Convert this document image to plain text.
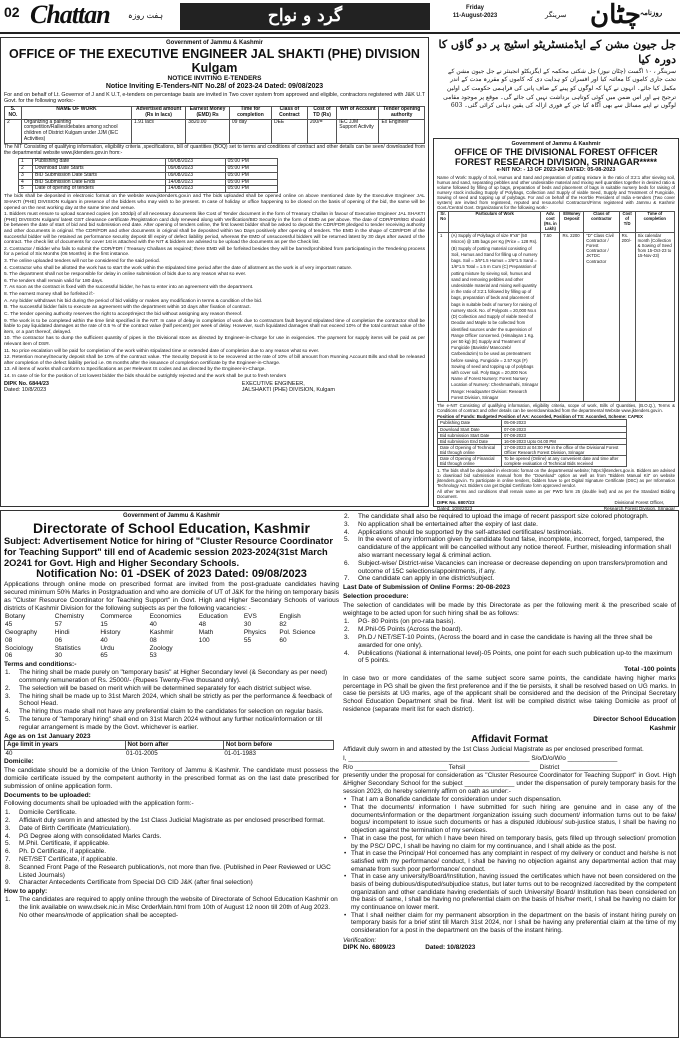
02 Chattan ہفت روزہ	گرد و نواح	Friday
11-August-2023	سرینگر چٹان روزنامہ
Government of Jammu & Kashmir
OFFICE OF THE EXECUTIVE ENGINEER JAL SHAKTI (PHE) DIVISION Kulgam
NOTICE INVITING E-TENDERS
Notice Inviting E-Tenders-NIT No.28/ of 2023-24 Dated: 09/08/2023

For and on behalf of Lt. Governor of J and K U.T, e-tenders on percentage basis are invited in Two cover system from approved and eligible, contractors registered with J&K U.T Govt. for the following works:-

S. NO.	NAME OF WORK	Advertised amount (Rs in lacs)	Earnest Money (EMD) Rs	Time for completion	Class of Contract	Cost of TD (Rs)	WH of Account	Tender opening authority
2	Organizing a painting competition/Rallies/debates among school children of District Kulgam under JJM (IEC Activities)	1.91 lacs	3820.00	09 day	DEE	200/=	IEC JJM Support Activity	Ex Engineer

The NIT Consisting of qualifying information, eligibility criteria ,specifications, bill of quantities (BOQ) set to terms and conditions of contract and other details can be seen/ downloaded from the departmental website www.jktenders.gov.in from:-

1	Publishing date	09/08/2023	05:00 PM
2	Download Date Starts	09/08/2023	05:00 PM
3	BID Submission Date Starts	09/08/2023	05:00 PM
4	BID Submission Date Ends	14/08/2023	05:00 PM
5	Date of opening of tenders	14/08/2023	05:00 PM

The bids shall be deposited in electronic format on the website www.jktenders.gov.in and The bids uploaded shall be opened online on above mentioned date by the Executive Engineer JAL SHAKTI (PHE) DIVISION Kulgam in presence of the bidders who may wish to be present. In case of holiday or office happening to be closed on the basis of opening of the bid, the same will be opened on the next working day at the same time and venue.

1. Bidders must ensure to upload scanned copies (on 100dpi) of all necessary documents like Cost of Tender document in the form of Treasury Challan in favour of Executive Engineer JAL SHAKTI (PHE) DIVISION Kulgam/ latest GST clearance certificate /Registration card duly renewed along with Verification/BID Security in the form of EMD as per above. The date of CDR/FDR/BG should be between the date of start of bid and bid submission end date. After opening of tenders online, the first lowest bidder shall be asked to deposit the CDR/FDR pledged to tender receiving authority and other documents in original. The CDR/FDR and other documents in original shall be deposited within two Days positively after opening of tenders. The EMD in the shape of CDR/FDR of the successful bidder will be retained as performance security deposit till expiry of defect liability period, whereas the EMD of unsuccessful bidders will be returned latest by 30 days after award of the contract. The check list of documents for cover 1st is attached with the NIT & bidders are advised to be upload the documents as per the Check list.

2. Contractor / Bidder who fails to submit the CDR/FDR / Treasury Challans as required; there EMD will be forfeited besides they will be barred/prohibited from participating in the Tendering process for a period of Six Months (06 Months) in the first instance.

3. The online uploaded tenders will not be considered for the said period.

4. Contractor who shall be allotted the work has to start the work within the stipulated time period after the date of allotment as the work is of very important nature.

5. The department shall not be responsible for delay in online submission of bids due to any reason what so ever.

6. The tenders shall remain valid for 180 days.

7. As soon as the contract is fixed with the successful bidder, he has to enter into an agreement with the department.

8. The earnest money shall be forfeited if:-

A. Any bidder withdraws his bid during the period of bid validity or makes any modification in terms & condition of the bid.

B. The successful bidder fails to execute an agreement with the department within 10 days after fixation of contract.

C. The tender opening authority reserves the right to accept/reject the bid without assigning any reason thereof.

9. The work is to be completed within the time limit specified in the NIT. In case of delay in completion of work due to contractors fault beyond stipulated time of completion the contractor shall be liable to pay liquidated damages at the rate of 0.5 % of the contract value (half percent) per week of delay. However, such liquidated damages shall not exceed 10% of the total contract value of the item, or a part thereof, delayed.

10. The contractor has to dump the sufficient quantity of pipes in the Divisional store as directed by Engineer-in-Charge for use in exigencies. The payment for supply items will be paid as per relevant item of DSR.

11. No price escalation will be paid for completion of the work within stipulated time or extended date of completion due to any reason what so ever.

12. Retention money/Security deposit shall be 10% of the contract value. The Security Deposit is to be recovered at the rate of 10% of bill amount from Running Account Bills and shall be released after completion of the defect liability period i.e. 06 months after the issuance of completion certificate by the Engineer-in-Charge.

13. All items of works shall conform to Specifications as per Relevant IS codes and as directed by the Engineer-in-Charge.

14. In case of tie for the position of 1st lowest bidder the bids should be outrightly rejected and the work shall be put to fresh tenders

DIPK No. 6844/23
Dated: 10/8/2023
EXECUTIVE ENGINEER,
JALSHAKTI (PHE) DIVISION, Kulgam
جل جیون مشن کے ایڈمنسٹریٹو اسٹیج پر دو گاؤں کا دورہ کیا
سرینگر ، ۱۰ اگست (چٹان نیوز) جل شکتی محکمہ کے ایگزیکٹو انجینئر نے جل جیون مشن کے تحت جاری کاموں کا معائنہ کیا اور افسران کو ہدایت دی کہ کاموں کو مقررہ مدت کے اندر مکمل کیا جائے۔ انہوں نے کہا کہ لوگوں کو پینے کے صاف پانی کی فراہمی حکومت کی اولین ترجیح ہے اور اس ضمن میں کوئی کوتاہی برداشت نہیں کی جائے گی۔ موقع پر موجود مقامی لوگوں نے اپنے مسائل سے بھی آگاہ کیا جن کے فوری ازالہ کی یقین دہانی کرائی گئی۔ 603
Government of Jammu & Kashmir
OFFICE OF THE DIVISIONAL FOREST OFFICER FOREST RESEARCH DIVISION, SRINAGAR*****
e-NIT NO: - 13 OF 2023-24 DATED: 05-08-2023

Name of Work: Supply of Soil, Humus and Sand and preparation of potting mixture in the ratio of 3:2:1 after sieving soil, humus and sand, separating pebbles and other undesirable material and mixing well quantities together in desired ratio & volume followed by filling of up bags, preparation of beds and placement of bags in suitable nursery beds for raising of nursery stock including Supply of Polybags, Collection and Supply of viable Seed, Supply and Treatment of Fungicide, Sowing of seed and topping up of polybags. For and on behalf of the Hon'ble President of India e-tenders (Two cover system) are invited from registered, reputed and resourceful Contractors/Firms registered with Jammu & Kashmir Govt./Central Govt. Organizations for the following work:-

Sr. No	Particulars of Work	Adv. cost (Rs. in Lakh)	E/Money Deposit	Class of contractor	Cost of T/D	Time of completion
1	(A) Supply of Polybags of size 9"x6" (50 Micron) @ 185 bags per Kg (Price = 128 Rs). (B) Supply of potting material consisting of Soil, Humus and Sand for filling up of nursery bags. Soil = 3/6*1.5 Humus = 2/6*1.5 Sand = 1/6*1.5 Total = 1.5 m Cum (C) Preparation of potting mixture by sieving soil, humus and sand and removing pebbles and other undesirable material and mixing well quantity in the ratio of 3:2:1 followed by filling up of bags, preparation of beds and placement of bags in suitable beds of nursery for raising of nursery stock. No. of Polypots = 20,000 No.s (D) Collection and Supply of viable Seed of Deodar and Maple to be collected from identified sources under the supervision of Range Officer concerned. (Himalayan 1 Kg. per 50 kg) (E) Supply and Treatment of Fungicide (Bavistin/ Mancozeb/ Carbendazim) to be used as pretreatment before sowing. Fungicide = 2.57 Kgs (F) Sowing of seed and topping up of polybags with cover soil. Poly Bags = 20,000 Nos Name of Forest Nursery: Forest Nursery Location of Nursery: Cheshmashahi, Srinagar Range: Headquarter Division: Research Forest Division, Srinagar	7.50	Rs. 2200	"D" Class Civil Contractor / Forest Contractor / JKTDC Contractor	Rs. 200/-	Six calendar month (Collection & Sowing of Seed from 15-Oct-23 to 15-Nov-23)

The e-NIT Consisting of qualifying information, eligibility criteria, scope of work, Bills of Quantities, (B.O.Q.), Terms & Conditions of contract and other details can be seen/downloaded from the departmental Website www.jktenders.gov.in.

Position of Funds: Budgeted Position of AA: Accorded, Position of TS: Accorded, Scheme: CAPEX
Publishing Date	05-08-2023
Download Start Date	07-08-2023
Bid submission Start Date	07-08-2023
Bid submission End Date	16-08-2023 Upto 04.00 PM
Date of Opening of Technical Bid through online	17-08-2023 at 04:00 PM in the office of the Divisional Forest Officer Research Forest Division, Srinagar
Date of Opening of Financial Bid through online	To be opened (Online) at any convenient date and time after complete evaluation of Technical Bids received

1. The bids shall be deposited in electronic format on the departmental website; https://jktenders.gov.in. Bidders are advised to download bid submission manual from the "Download" option as well as from "Bidders Manual Kit" on website jktenders.gov.in. To participate in online tenders, bidders have to get Digital Signature Certificate (DSC) as per Information Technology Act. Bidders can get Digital Certificate form approved vendor.

All other terms and conditions shall remain same as per PWD form 25 (double leaf) and as per the Standard Bidding Document.

DIPK No. 6807/23
Dated: 10/8/2023
Divisional Forest Officer,
Research Forest Division, Srinagar
Government of Jammu & Kashmir
Directorate of School Education, Kashmir
Subject: Advertisement Notice for hiring of "Cluster Resource Coordinator for Teaching Support" till end of Academic session 2023-2024(31st March 2O241 for Govt. High and Higher Secondary Schools.
Notification No: 01 -DSEK of 2023 Dated: 09/08/2023

Applications through online mode on prescribed format are invited from the post-graduate candidates having secured minimum 50% Marks in Postgraduation and who are domicile of UT of J&K for the hiring on temporary basis as "Cluster Resource Coordinator for Teaching Support" in Govt. High and Higher Secondary Schools of various districts of Kashmir Division for the following subjects as per the following vacancies: -

Botany	Chemistry	Commerce	Economics	Education	EVS	English
45	57	15	40	48	30	82
Geography	Hindi	History	Kashmir	Math	Physics	Pol. Science
08	06	40	08	100	55	60
Sociology	Statistics	Urdu	Zoology			
06	30	65	53			
Terms and conditions:-
1.	The hiring shall be made purely on "temporary basis" at Higher Secondary level (& Secondary as per need) commonly remuneration of Rs. 25000/- (Rupees Twenty-Five thousand only).
2.	The selection will be based on merit which will be determined separately for each district subject wise.
3.	The hiring shall be made up to 31st March 2024, which shall be strictly as per the performance & feedback of School Head.
4.	The hiring thus made shall not have any preferential claim to the candidates for selection on regular basis.
5.	The tenure of "temporary hiring" shall end on 31st March 2024 without any further notice/information or till regular arrangement is made by the Govt. whichever is earlier.
Age as on 1st January 2023
Age limit in years	Not born after	Not born before
40	01-01-2005	01-01-1983
Domicile:

The candidate should be a domicile of the Union Territory of Jammu & Kashmir. The candidate must possess the domicile certificate issued by the competent authority in the prescribed format as on the last date prescribed for submission of online application form.

Documents to be uploaded:

Following documents shall be uploaded with the application form:-

1.	Domicile Certificate.
2.	Affidavit duly sworn in and attested by the 1st Class Judicial Magistrate as per enclosed prescribed format.
3.	Date of Birth Certificate (Matriculation).
4.	PG Degree along with consolidated Marks Cards.
5.	M.Phil. Certificate, if applicable.
6.	Ph. D Certificate, if applicable.
7.	NET/SET Certificate, if applicable.
8.	Scanned Front Page of the Research publication/s, not more than five. (Published in Peer Reviewed or UGC Listed Journals)
9.	Character Antecedents Certificate from Special DG CID J&K (after final selection)
How to apply:
1.	The candidates are required to apply online through the website of Directorate of School Education Kashmir on the link available on www.dsek.nic.in Misc OrderMain.html from 10th of August 12 noon till 20th of Aug 2023. No other means/mode of application shall be accepted-
2.	The candidate shall also be required to upload the image of recent passport size colored photograph.
3.	No application shall be entertained after the expiry of last date.
4.	Applications should be supported by the self-attested certificates/ testimonials.
5.	In the event of any information given by candidate found false, incomplete, incorrect, forged, tampered, the candidature of the applicant will be cancelled without any notice thereof. Further, misleading information shall also warrant necessary legal & criminal action.
6.	Subject-wise/ District-wise Vacancies can increase or decrease depending on upon transfers/promotion and outcome of 15C selections/appointments, if any.
7.	One candidate can apply in one district/subject.
Last Date of Submission of Online Forms: 20-08-2023
Selection procedure:

The selection of candidates will be made by this Directorate as per the following merit & the prescribed scale of weightage to be acted upon for such hiring shall be as follows:

1.	PG- 80 Points (on pro-rata basis).
2.	M.Phil-05 Points (Across the board).
3.	Ph.D./ NET/SET-10 Points, (Across the board and in case the candidate is having all the three shall be awarded for one only).
4.	Publications (National & international level)-05 Points, one point for each such publication up-to the maximum of 5 points.
Total -100 points

In case two or more candidates of the same subject score same points, the candidate having higher marks percentage in PG shall be given the first preference and if the tie persists, it shall be resolved based on UG marks. In case tie persists at UG marks, age of the applicant shall be considered and the decision of the Principal Secretary School Education Department shall be final. Merit list will be compiled district wise taking Domicile as proof of residence (separate merit list for each district).

Director School Education
Kashmir
Affidavit Format

Affidavit duly sworn in and attested by the 1st Class Judicial Magistrate as per enclosed prescribed format.

I, ___________________________________________________ S/o/D/o/W/o ______________

R/o __________________________ Tehsil ____________________ District _________________

presently under the proposal for consideration as "Cluster Resource Coordinator for Teaching Support" in Govt. High &Higher Secondary School for the subject ______________ under the dispensation of purely temporary basis for the session 2023, do hereby solemnly affirm on oath as under:-

• That I am a Bonafide candidate for consideration under such dispensation.
• That the documents/ information I have submitted for such hiring are genuine and in case any of the documents/information or the department /organization issuing such document/ information turns out to be fake/ bogus/ incompetent to issue such documents or has a disputed /dubious/ sub-justice status, I shall be having no objection against the termination of my services.
• That in case the post, for which I have been hired on temporary basis, gets filled up through selection/ promotion by the PSC/ DPC, I shall be having no claim for my continuance, and I shall abide as the post.
• That in case the Principal/ HoI concerned has any complaint in respect of my delivery or conduct and he/she is not satisfied with my performance/ conduct, I shall be having no objection against any departmental action that may emanate from such poor performance/ conduct.
• That in case any university/Board/Institution, having issued the certificates which have not been considered on the basis of being dubious/disputed/subjudice status, but later turns out to be recognized /accredited by the competent organization and other candidate having credentials of such University/ Board/ Institution has been considered on the basis of same, I shall be having no preferential claim on the basis of his/her merit, I shall be having no claim for my continuance on lower merit.
• That I shall neither claim for my permanent absorption in the department on the basis of instant hiring purely on temporary basis for a brief stint till March 31st 2024, nor I shall be having any preferential claim at the time of my consideration for a post in the department on the basis of the instant hiring.
Verification:
DIPK No. 6809/23	Dated: 10/8/2023
